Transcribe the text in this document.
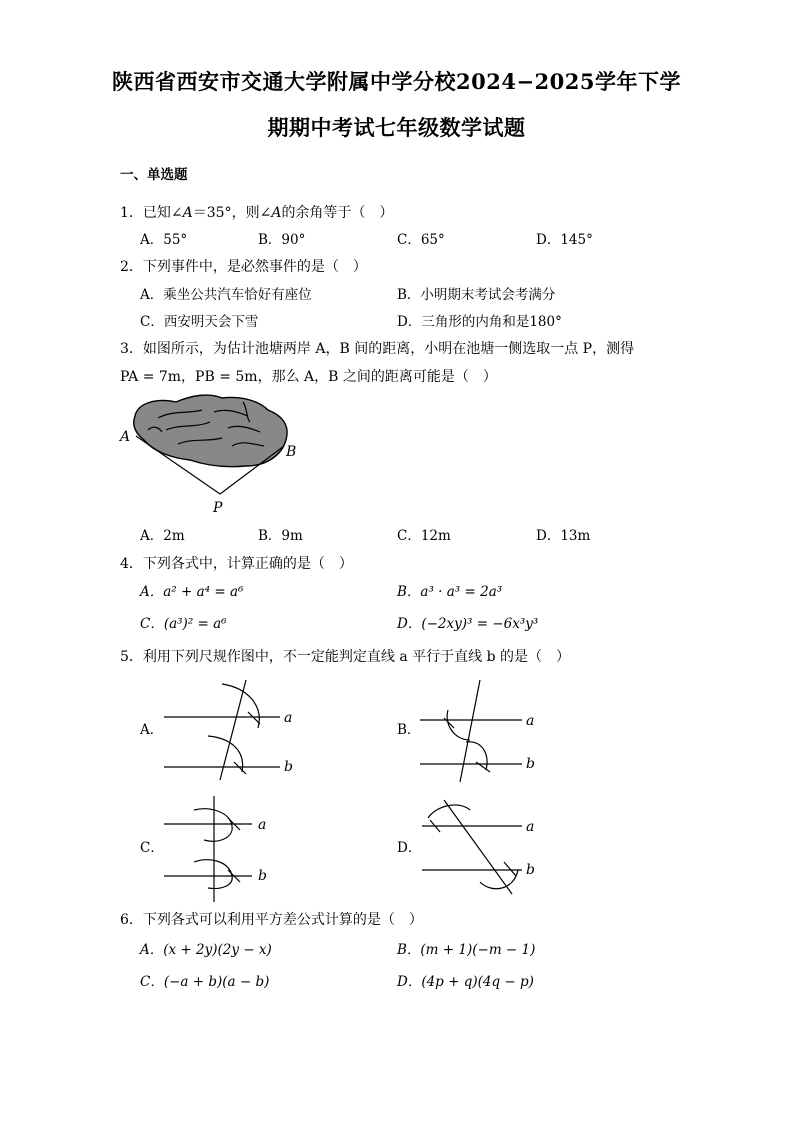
陕西省西安市交通大学附属中学分校2024−2025学年下学
期期中考试七年级数学试题
一、单选题
1．已知∠A＝35°，则∠A的余角等于（　）
A．55°	B．90°	C．65°	D．145°
2．下列事件中，是必然事件的是（　）
A．乘坐公共汽车恰好有座位	B．小明期末考试会考满分
C．西安明天会下雪	D．三角形的内角和是180°
3．如图所示，为估计池塘两岸 A，B 间的距离，小明在池塘一侧选取一点 P，测得
PA = 7m，PB = 5m，那么 A，B 之间的距离可能是（　）
A
B
P
A．2m	B．9m	C．12m	D．13m
4．下列各式中，计算正确的是（　）
A．a² + a⁴ = a⁶	B．a³ · a³ = 2a³
C．(a³)² = a⁶	D．(−2xy)³ = −6x³y³
5．利用下列尺规作图中，不一定能判定直线 a 平行于直线 b 的是（　）
A．
a
b
B．
a
b
C．
a
b
D．
a
b
6．下列各式可以利用平方差公式计算的是（　）
A．(x + 2y)(2y − x)	B．(m + 1)(−m − 1)
C．(−a + b)(a − b)	D．(4p + q)(4q − p)
